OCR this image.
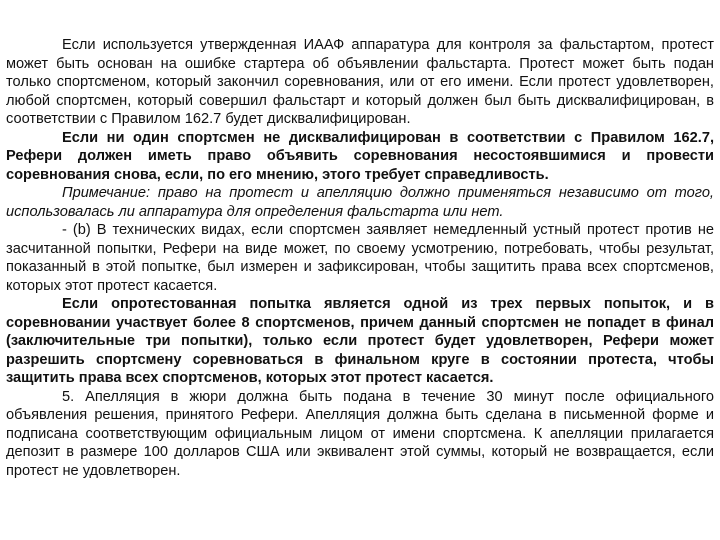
Если используется утвержденная ИААФ аппаратура для контроля за фальстартом, протест может быть основан на ошибке стартера об объявлении фальстарта. Протест может быть подан только спортсменом, который закончил соревнования, или от его имени. Если протест удовлетворен, любой спортсмен, который совершил фальстарт и который должен был быть дисквалифицирован, в соответствии с Правилом 162.7 будет дисквалифицирован.

Если ни один спортсмен не дисквалифицирован в соответствии с Правилом 162.7, Рефери должен иметь право объявить соревнования несостоявшимися и провести соревнования снова, если, по его мнению, этого требует справедливость.

Примечание: право на протест и апелляцию должно применяться независимо от того, использовалась ли аппаратура для определения фальстарта или нет.

- (b) В технических видах, если спортсмен заявляет немедленный устный протест против не засчитанной попытки, Рефери на виде может, по своему усмотрению, потребовать, чтобы результат, показанный в этой попытке, был измерен и зафиксирован, чтобы защитить права всех спортсменов, которых этот протест касается.

Если опротестованная попытка является одной из трех первых попыток, и в соревновании участвует более 8 спортсменов, причем данный спортсмен не попадет в финал (заключительные три попытки), только если протест будет удовлетворен, Рефери может разрешить спортсмену соревноваться в финальном круге в состоянии протеста, чтобы защитить права всех спортсменов, которых этот протест касается.

5. Апелляция в жюри должна быть подана в течение 30 минут после официального объявления решения, принятого Рефери. Апелляция должна быть сделана в письменной форме и подписана соответствующим официальным лицом от имени спортсмена. К апелляции прилагается депозит в размере 100 долларов США или эквивалент этой суммы, который не возвращается, если протест не удовлетворен.
